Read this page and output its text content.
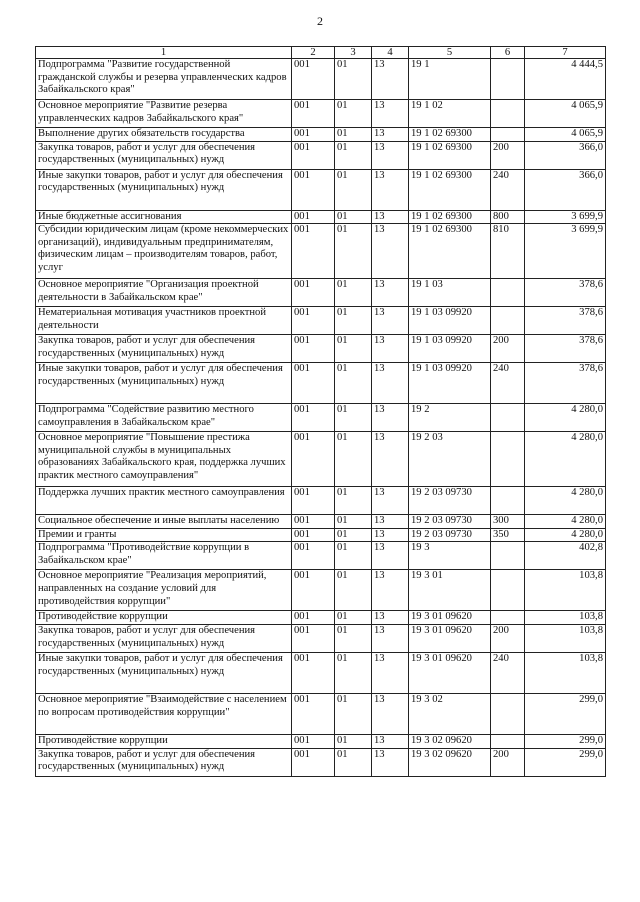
2
1	2	3	4	5	6	7
Подпрограмма "Развитие государственной гражданской службы и резерва управленческих кадров Забайкальского края"	001	01	13	19 1		4 444,5
Основное мероприятие "Развитие резерва управленческих кадров Забайкальского края"	001	01	13	19 1 02		4 065,9
Выполнение других обязательств государства	001	01	13	19 1 02 69300		4 065,9
Закупка товаров, работ и услуг для обеспечения государственных (муниципальных) нужд	001	01	13	19 1 02 69300	200	366,0
Иные закупки товаров, работ и услуг для обеспечения государственных (муниципальных) нужд	001	01	13	19 1 02 69300	240	366,0
Иные бюджетные ассигнования	001	01	13	19 1 02 69300	800	3 699,9
Субсидии юридическим лицам (кроме некоммерческих организаций), индивидуальным предпринимателям, физическим лицам – производителям товаров, работ, услуг	001	01	13	19 1 02 69300	810	3 699,9
Основное мероприятие "Организация проектной деятельности в Забайкальском крае"	001	01	13	19 1 03		378,6
Нематериальная мотивация участников проектной деятельности	001	01	13	19 1 03 09920		378,6
Закупка товаров, работ и услуг для обеспечения государственных (муниципальных) нужд	001	01	13	19 1 03 09920	200	378,6
Иные закупки товаров, работ и услуг для обеспечения государственных (муниципальных) нужд	001	01	13	19 1 03 09920	240	378,6
Подпрограмма "Содействие развитию местного самоуправления в Забайкальском крае"	001	01	13	19 2		4 280,0
Основное мероприятие "Повышение престижа муниципальной службы в муниципальных образованиях Забайкальского края, поддержка лучших практик местного самоуправления"	001	01	13	19 2 03		4 280,0
Поддержка лучших практик местного самоуправления	001	01	13	19 2 03 09730		4 280,0
Социальное обеспечение и иные выплаты населению	001	01	13	19 2 03 09730	300	4 280,0
Премии и гранты	001	01	13	19 2 03 09730	350	4 280,0
Подпрограмма "Противодействие коррупции в Забайкальском крае"	001	01	13	19 3		402,8
Основное мероприятие "Реализация мероприятий, направленных на создание условий для противодействия коррупции"	001	01	13	19 3 01		103,8
Противодействие коррупции	001	01	13	19 3 01 09620		103,8
Закупка товаров, работ и услуг для обеспечения государственных (муниципальных) нужд	001	01	13	19 3 01 09620	200	103,8
Иные закупки товаров, работ и услуг для обеспечения государственных (муниципальных) нужд	001	01	13	19 3 01 09620	240	103,8
Основное мероприятие "Взаимодействие с населением по вопросам противодействия коррупции"	001	01	13	19 3 02		299,0
Противодействие коррупции	001	01	13	19 3 02 09620		299,0
Закупка товаров, работ и услуг для обеспечения государственных (муниципальных) нужд	001	01	13	19 3 02 09620	200	299,0
